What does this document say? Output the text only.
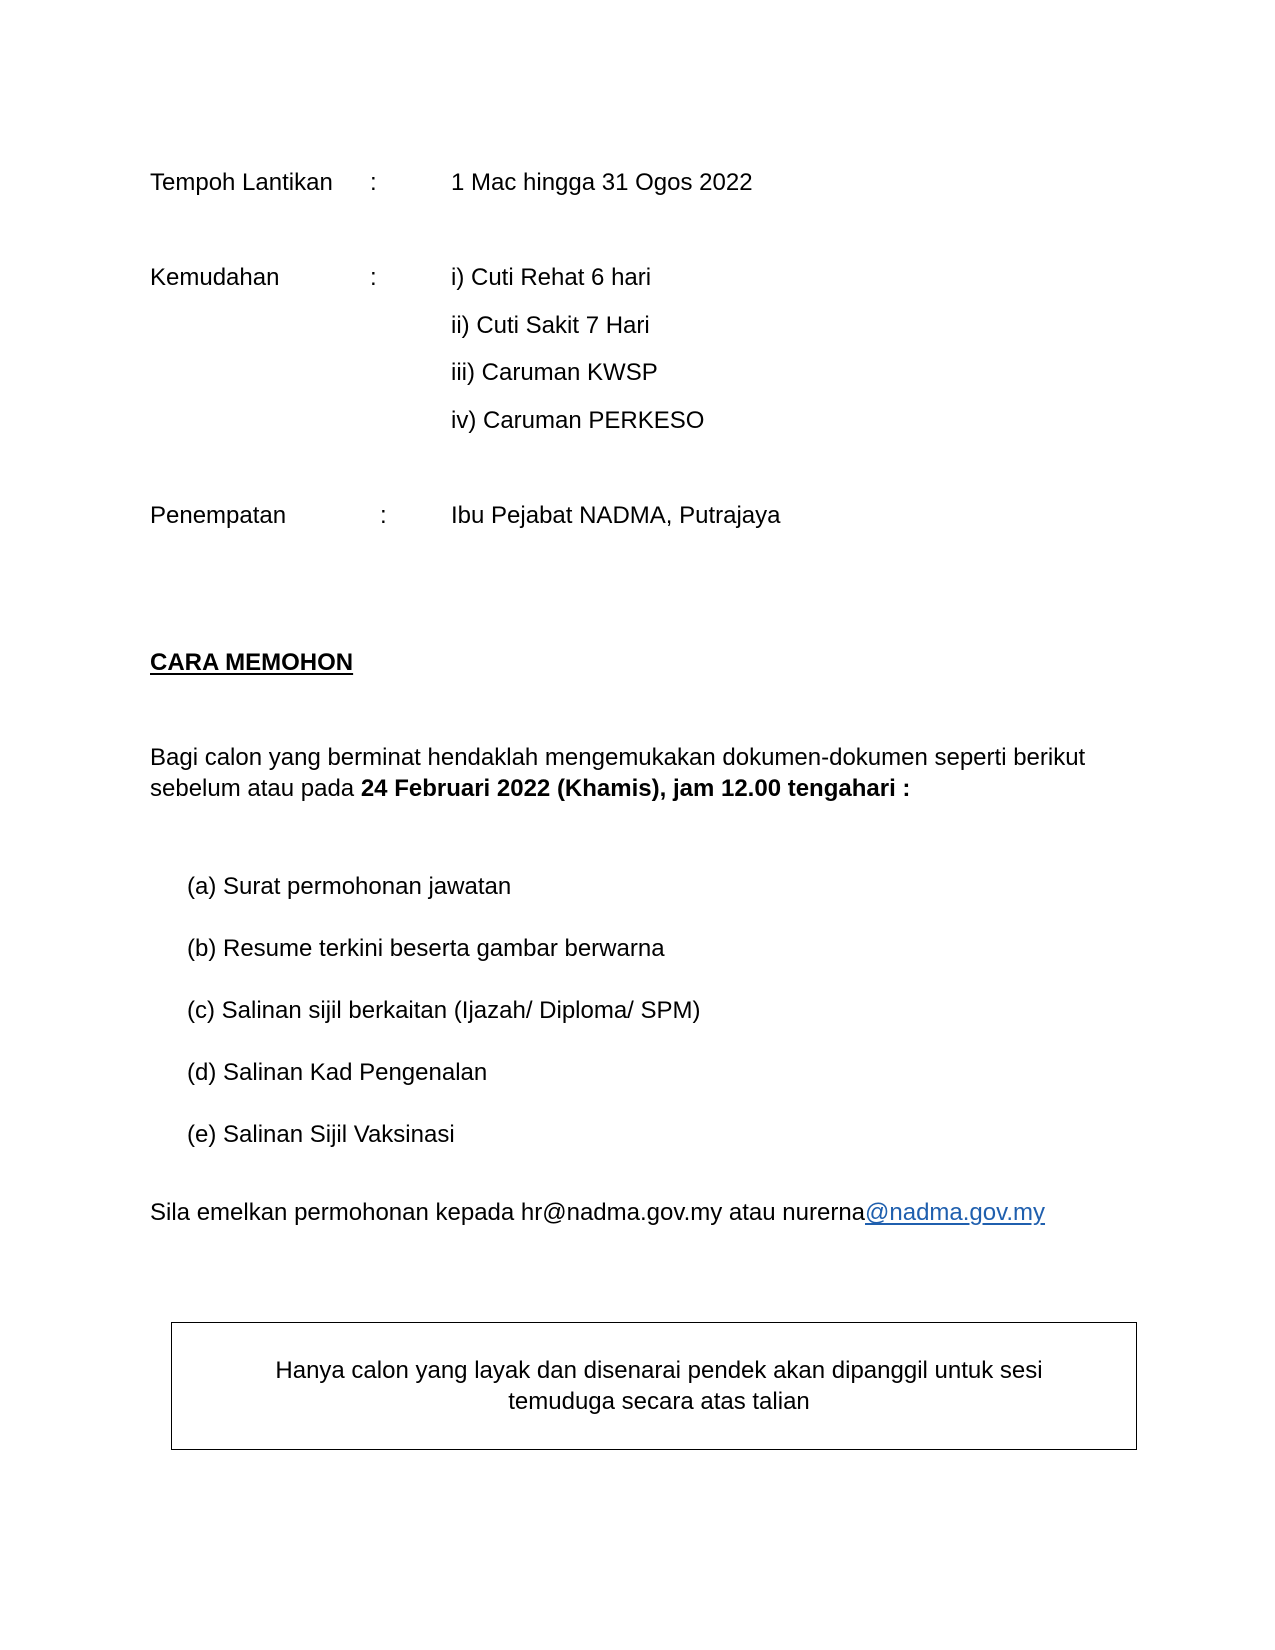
Tempoh Lantikan :	1 Mac hingga 31 Ogos 2022
Kemudahan	:	i) Cuti Rehat 6 hari
ii) Cuti Sakit 7 Hari
iii) Caruman KWSP
iv) Caruman PERKESO
Penempatan	:	Ibu Pejabat NADMA, Putrajaya
CARA MEMOHON
Bagi calon yang berminat hendaklah mengemukakan dokumen-dokumen seperti berikut sebelum atau pada 24 Februari 2022 (Khamis), jam 12.00 tengahari :
(a) Surat permohonan jawatan
(b) Resume terkini beserta gambar berwarna
(c) Salinan sijil berkaitan (Ijazah/ Diploma/ SPM)
(d) Salinan Kad Pengenalan
(e) Salinan Sijil Vaksinasi
Sila emelkan permohonan kepada hr@nadma.gov.my atau nurerna@nadma.gov.my
Hanya calon yang layak dan disenarai pendek akan dipanggil untuk sesi temuduga secara atas talian
